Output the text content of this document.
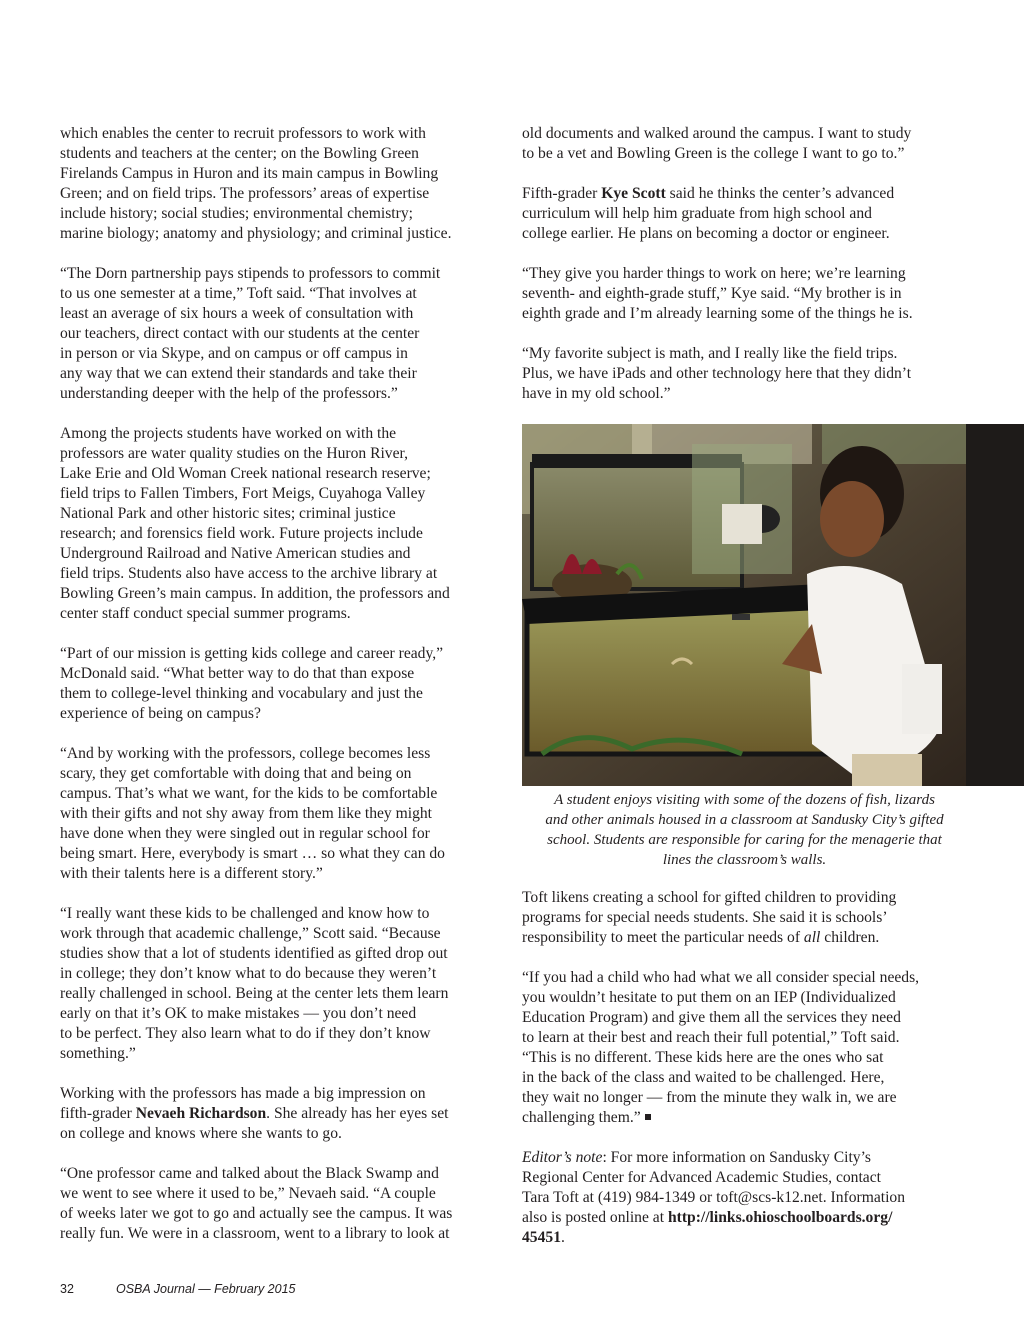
which enables the center to recruit professors to work with
students and teachers at the center; on the Bowling Green
Firelands Campus in Huron and its main campus in Bowling
Green; and on field trips. The professors’ areas of expertise
include history; social studies; environmental chemistry;
marine biology; anatomy and physiology; and criminal justice.

“The Dorn partnership pays stipends to professors to commit
to us one semester at a time,” Toft said. “That involves at
least an average of six hours a week of consultation with
our teachers, direct contact with our students at the center
in person or via Skype, and on campus or off campus in
any way that we can extend their standards and take their
understanding deeper with the help of the professors.”

Among the projects students have worked on with the
professors are water quality studies on the Huron River,
Lake Erie and Old Woman Creek national research reserve;
field trips to Fallen Timbers, Fort Meigs, Cuyahoga Valley
National Park and other historic sites; criminal justice
research; and forensics field work. Future projects include
Underground Railroad and Native American studies and
field trips. Students also have access to the archive library at
Bowling Green’s main campus. In addition, the professors and
center staff conduct special summer programs.

“Part of our mission is getting kids college and career ready,”
McDonald said. “What better way to do that than expose
them to college-level thinking and vocabulary and just the
experience of being on campus?

“And by working with the professors, college becomes less
scary, they get comfortable with doing that and being on
campus. That’s what we want, for the kids to be comfortable
with their gifts and not shy away from them like they might
have done when they were singled out in regular school for
being smart. Here, everybody is smart … so what they can do
with their talents here is a different story.”

“I really want these kids to be challenged and know how to
work through that academic challenge,” Scott said. “Because
studies show that a lot of students identified as gifted drop out
in college; they don’t know what to do because they weren’t
really challenged in school. Being at the center lets them learn
early on that it’s OK to make mistakes — you don’t need
to be perfect. They also learn what to do if they don’t know
something.”

Working with the professors has made a big impression on
fifth-grader Nevaeh Richardson. She already has her eyes set
on college and knows where she wants to go.

“One professor came and talked about the Black Swamp and
we went to see where it used to be,” Nevaeh said. “A couple
of weeks later we got to go and actually see the campus. It was
really fun. We were in a classroom, went to a library to look at

old documents and walked around the campus. I want to study
to be a vet and Bowling Green is the college I want to go to.”

Fifth-grader Kye Scott said he thinks the center’s advanced
curriculum will help him graduate from high school and
college earlier. He plans on becoming a doctor or engineer.

“They give you harder things to work on here; we’re learning
seventh- and eighth-grade stuff,” Kye said. “My brother is in
eighth grade and I’m already learning some of the things he is.

“My favorite subject is math, and I really like the field trips.
Plus, we have iPads and other technology here that they didn’t
have in my old school.”

A student enjoys visiting with some of the dozens of fish, lizards
and other animals housed in a classroom at Sandusky City’s gifted
school. Students are responsible for caring for the menagerie that
lines the classroom’s walls.

Toft likens creating a school for gifted children to providing
programs for special needs students. She said it is schools’
responsibility to meet the particular needs of all children.

“If you had a child who had what we all consider special needs,
you wouldn’t hesitate to put them on an IEP (Individualized
Education Program) and give them all the services they need
to learn at their best and reach their full potential,” Toft said.
“This is no different. These kids here are the ones who sat
in the back of the class and waited to be challenged. Here,
they wait no longer — from the minute they walk in, we are
challenging them.”

Editor’s note: For more information on Sandusky City’s
Regional Center for Advanced Academic Studies, contact
Tara Toft at (419) 984-1349 or toft@scs-k12.net. Information
also is posted online at http://links.ohioschoolboards.org/
45451.

32	OSBA Journal — February 2015
